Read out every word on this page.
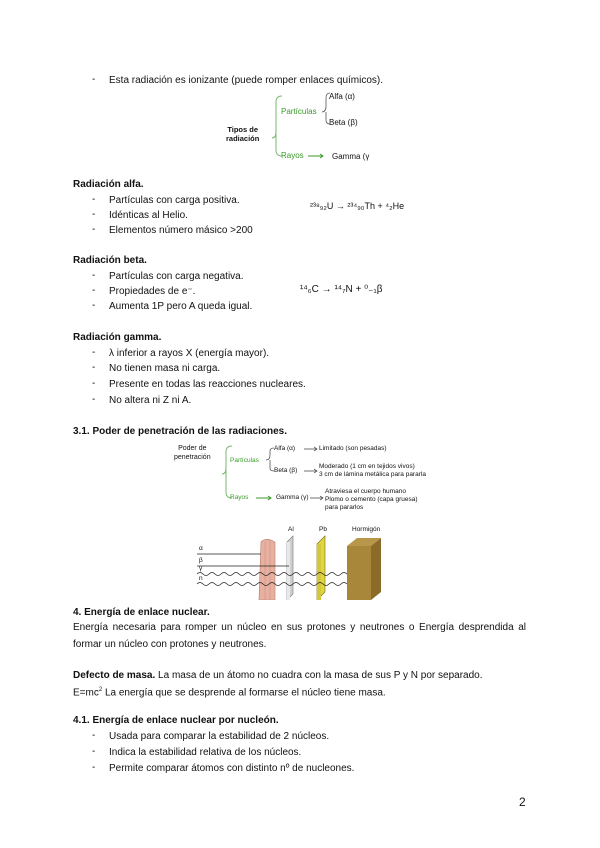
- Esta radiación es ionizante (puede romper enlaces químicos).
Tipos de
radiación
Partículas
Alfa (α)
Beta (β)
Rayos	Gamma (γ
Radiación alfa.
- Partículas con carga positiva.
- Idénticas al Helio.
- Elementos número másico >200
²³⁸₉₂U → ²³⁴₉₀Th + ⁴₂He
Radiación beta.
- Partículas con carga negativa.
- Propiedades de e⁻.
- Aumenta 1P pero A queda igual.
¹⁴₆C → ¹⁴₇N + ⁰₋₁β
Radiación gamma.
- λ inferior a rayos X (energía mayor).
- No tienen masa ni carga.
- Presente en todas las reacciones nucleares.
- No altera ni Z ni A.
3.1. Poder de penetración de las radiaciones.
Poder de
penetración	Partículas
Rayos
Alfa (α)	Limitado (son pesadas)
Beta (β)
Moderado (1 cm en tejidos vivos)
3 cm de lámina metálica para pararla
Gamma (γ)
Atraviesa el cuerpo humano
Plomo o cemento (capa gruesa)
para pararlos
Al	Pb	Hormigón
α
β
γ
n
4. Energía de enlace nuclear.
Energía necesaria para romper un núcleo en sus protones y neutrones o Energía desprendida al formar un núcleo con protones y neutrones.
Defecto de masa. La masa de un átomo no cuadra con la masa de sus P y N por separado.
$E=mc^2$ La energía que se desprende al formarse el núcleo tiene masa.
4.1. Energía de enlace nuclear por nucleón.
- Usada para comparar la estabilidad de 2 núcleos.
- Indica la estabilidad relativa de los núcleos.
- Permite comparar átomos con distinto nº de nucleones.
2
